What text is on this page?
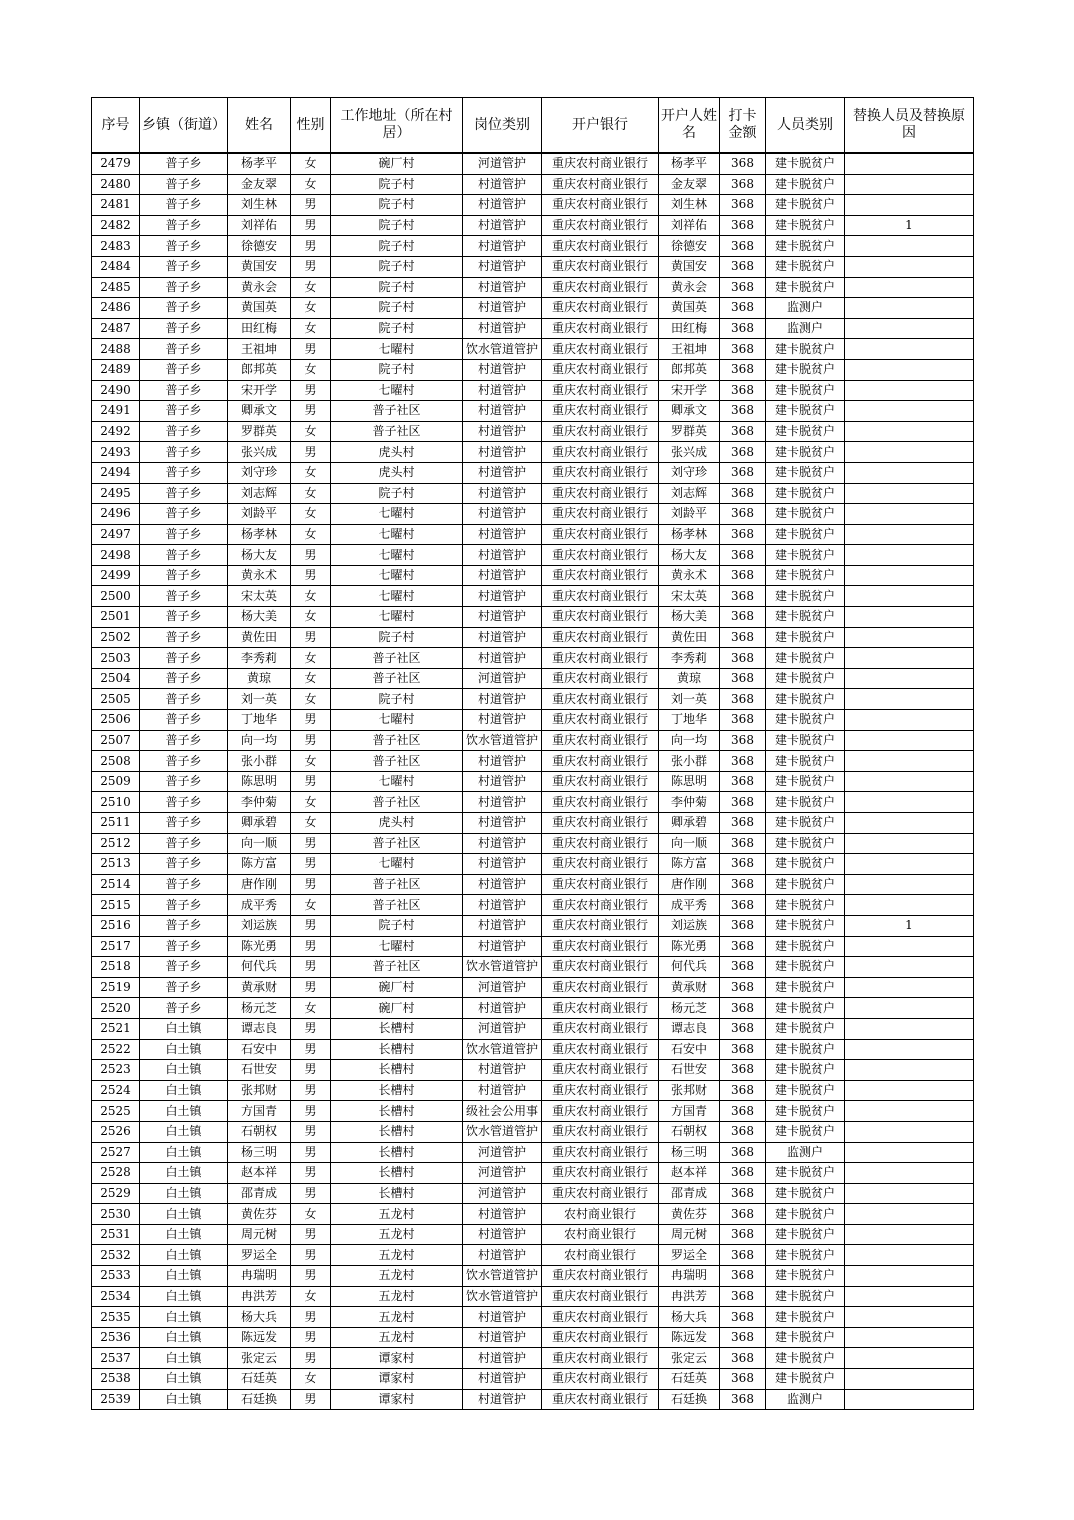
序号	乡镇（街道）	姓名	性别	工作地址（所在村居）	岗位类别	开户银行	开户人姓名	打卡金额	人员类别	替换人员及替换原因
2479	普子乡	杨孝平	女	碗厂村	河道管护	重庆农村商业银行	杨孝平	368	建卡脱贫户	
2480	普子乡	金友翠	女	院子村	村道管护	重庆农村商业银行	金友翠	368	建卡脱贫户	
2481	普子乡	刘生林	男	院子村	村道管护	重庆农村商业银行	刘生林	368	建卡脱贫户	
2482	普子乡	刘祥佑	男	院子村	村道管护	重庆农村商业银行	刘祥佑	368	建卡脱贫户	1
2483	普子乡	徐德安	男	院子村	村道管护	重庆农村商业银行	徐德安	368	建卡脱贫户	
2484	普子乡	黄国安	男	院子村	村道管护	重庆农村商业银行	黄国安	368	建卡脱贫户	
2485	普子乡	黄永会	女	院子村	村道管护	重庆农村商业银行	黄永会	368	建卡脱贫户	
2486	普子乡	黄国英	女	院子村	村道管护	重庆农村商业银行	黄国英	368	监测户	
2487	普子乡	田红梅	女	院子村	村道管护	重庆农村商业银行	田红梅	368	监测户	
2488	普子乡	王祖坤	男	七曜村	饮水管道管护	重庆农村商业银行	王祖坤	368	建卡脱贫户	
2489	普子乡	郎邦英	女	院子村	村道管护	重庆农村商业银行	郎邦英	368	建卡脱贫户	
2490	普子乡	宋开学	男	七曜村	村道管护	重庆农村商业银行	宋开学	368	建卡脱贫户	
2491	普子乡	卿承文	男	普子社区	村道管护	重庆农村商业银行	卿承文	368	建卡脱贫户	
2492	普子乡	罗群英	女	普子社区	村道管护	重庆农村商业银行	罗群英	368	建卡脱贫户	
2493	普子乡	张兴成	男	虎头村	村道管护	重庆农村商业银行	张兴成	368	建卡脱贫户	
2494	普子乡	刘守珍	女	虎头村	村道管护	重庆农村商业银行	刘守珍	368	建卡脱贫户	
2495	普子乡	刘志辉	女	院子村	村道管护	重庆农村商业银行	刘志辉	368	建卡脱贫户	
2496	普子乡	刘龄平	女	七曜村	村道管护	重庆农村商业银行	刘龄平	368	建卡脱贫户	
2497	普子乡	杨孝林	女	七曜村	村道管护	重庆农村商业银行	杨孝林	368	建卡脱贫户	
2498	普子乡	杨大友	男	七曜村	村道管护	重庆农村商业银行	杨大友	368	建卡脱贫户	
2499	普子乡	黄永术	男	七曜村	村道管护	重庆农村商业银行	黄永术	368	建卡脱贫户	
2500	普子乡	宋太英	女	七曜村	村道管护	重庆农村商业银行	宋太英	368	建卡脱贫户	
2501	普子乡	杨大美	女	七曜村	村道管护	重庆农村商业银行	杨大美	368	建卡脱贫户	
2502	普子乡	黄佐田	男	院子村	村道管护	重庆农村商业银行	黄佐田	368	建卡脱贫户	
2503	普子乡	李秀莉	女	普子社区	村道管护	重庆农村商业银行	李秀莉	368	建卡脱贫户	
2504	普子乡	黄琼	女	普子社区	河道管护	重庆农村商业银行	黄琼	368	建卡脱贫户	
2505	普子乡	刘一英	女	院子村	村道管护	重庆农村商业银行	刘一英	368	建卡脱贫户	
2506	普子乡	丁地华	男	七曜村	村道管护	重庆农村商业银行	丁地华	368	建卡脱贫户	
2507	普子乡	向一均	男	普子社区	饮水管道管护	重庆农村商业银行	向一均	368	建卡脱贫户	
2508	普子乡	张小群	女	普子社区	村道管护	重庆农村商业银行	张小群	368	建卡脱贫户	
2509	普子乡	陈思明	男	七曜村	村道管护	重庆农村商业银行	陈思明	368	建卡脱贫户	
2510	普子乡	李仲菊	女	普子社区	村道管护	重庆农村商业银行	李仲菊	368	建卡脱贫户	
2511	普子乡	卿承碧	女	虎头村	村道管护	重庆农村商业银行	卿承碧	368	建卡脱贫户	
2512	普子乡	向一顺	男	普子社区	村道管护	重庆农村商业银行	向一顺	368	建卡脱贫户	
2513	普子乡	陈方富	男	七曜村	村道管护	重庆农村商业银行	陈方富	368	建卡脱贫户	
2514	普子乡	唐作刚	男	普子社区	村道管护	重庆农村商业银行	唐作刚	368	建卡脱贫户	
2515	普子乡	成平秀	女	普子社区	村道管护	重庆农村商业银行	成平秀	368	建卡脱贫户	
2516	普子乡	刘运族	男	院子村	村道管护	重庆农村商业银行	刘运族	368	建卡脱贫户	1
2517	普子乡	陈光勇	男	七曜村	村道管护	重庆农村商业银行	陈光勇	368	建卡脱贫户	
2518	普子乡	何代兵	男	普子社区	饮水管道管护	重庆农村商业银行	何代兵	368	建卡脱贫户	
2519	普子乡	黄承财	男	碗厂村	河道管护	重庆农村商业银行	黄承财	368	建卡脱贫户	
2520	普子乡	杨元芝	女	碗厂村	村道管护	重庆农村商业银行	杨元芝	368	建卡脱贫户	
2521	白土镇	谭志良	男	长槽村	河道管护	重庆农村商业银行	谭志良	368	建卡脱贫户	
2522	白土镇	石安中	男	长槽村	饮水管道管护	重庆农村商业银行	石安中	368	建卡脱贫户	
2523	白土镇	石世安	男	长槽村	村道管护	重庆农村商业银行	石世安	368	建卡脱贫户	
2524	白土镇	张邦财	男	长槽村	村道管护	重庆农村商业银行	张邦财	368	建卡脱贫户	
2525	白土镇	方国青	男	长槽村	级社会公用事	重庆农村商业银行	方国青	368	建卡脱贫户	
2526	白土镇	石朝权	男	长槽村	饮水管道管护	重庆农村商业银行	石朝权	368	建卡脱贫户	
2527	白土镇	杨三明	男	长槽村	河道管护	重庆农村商业银行	杨三明	368	监测户	
2528	白土镇	赵本祥	男	长槽村	河道管护	重庆农村商业银行	赵本祥	368	建卡脱贫户	
2529	白土镇	邵青成	男	长槽村	河道管护	重庆农村商业银行	邵青成	368	建卡脱贫户	
2530	白土镇	黄佐芬	女	五龙村	村道管护	农村商业银行	黄佐芬	368	建卡脱贫户	
2531	白土镇	周元树	男	五龙村	村道管护	农村商业银行	周元树	368	建卡脱贫户	
2532	白土镇	罗运全	男	五龙村	村道管护	农村商业银行	罗运全	368	建卡脱贫户	
2533	白土镇	冉瑞明	男	五龙村	饮水管道管护	重庆农村商业银行	冉瑞明	368	建卡脱贫户	
2534	白土镇	冉洪芳	女	五龙村	饮水管道管护	重庆农村商业银行	冉洪芳	368	建卡脱贫户	
2535	白土镇	杨大兵	男	五龙村	村道管护	重庆农村商业银行	杨大兵	368	建卡脱贫户	
2536	白土镇	陈远发	男	五龙村	村道管护	重庆农村商业银行	陈远发	368	建卡脱贫户	
2537	白土镇	张定云	男	谭家村	村道管护	重庆农村商业银行	张定云	368	建卡脱贫户	
2538	白土镇	石廷英	女	谭家村	村道管护	重庆农村商业银行	石廷英	368	建卡脱贫户	
2539	白土镇	石廷换	男	谭家村	村道管护	重庆农村商业银行	石廷换	368	监测户	
